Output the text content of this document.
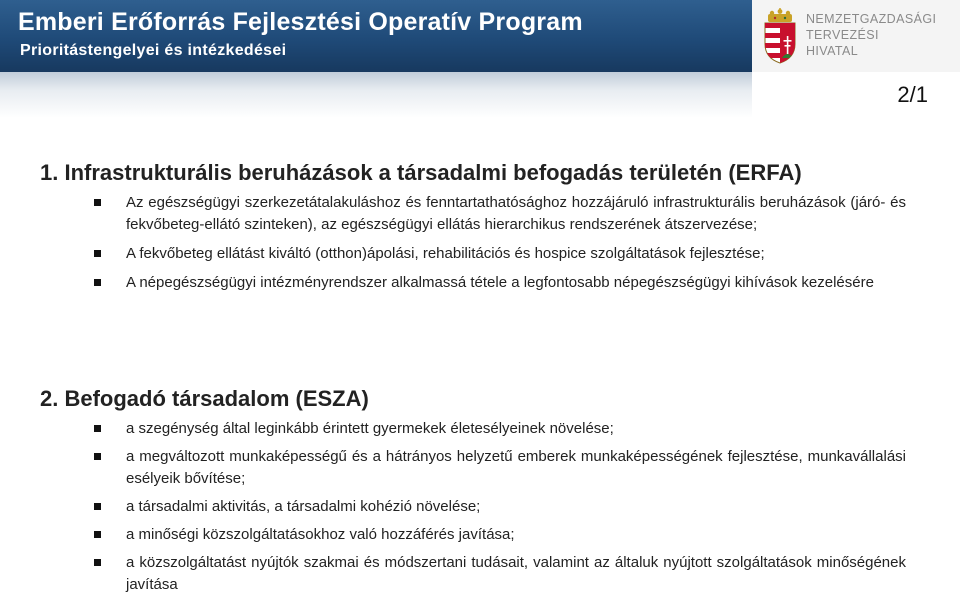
Emberi Erőforrás Fejlesztési Operatív Program
Prioritástengelyei és intézkedései
NEMZETGAZDASÁGI
TERVEZÉSI
HIVATAL
2/1
1. Infrastrukturális beruházások a társadalmi befogadás területén (ERFA)
Az egészségügyi szerkezetátalakuláshoz és fenntartathatósághoz hozzájáruló infrastrukturális beruházások (járó- és fekvőbeteg-ellátó szinteken), az egészségügyi ellátás hierarchikus rendszerének átszervezése;
A fekvőbeteg ellátást kiváltó (otthon)ápolási, rehabilitációs és hospice szolgáltatások fejlesztése;
A népegészségügyi intézményrendszer alkalmassá tétele a legfontosabb népegészségügyi kihívások kezelésére
2. Befogadó társadalom (ESZA)
a szegénység által leginkább érintett gyermekek életesélyeinek növelése;
a megváltozott munkaképességű és a hátrányos helyzetű emberek munkaképességének fejlesztése, munkavállalási esélyeik bővítése;
a társadalmi aktivitás, a társadalmi kohézió növelése;
a minőségi közszolgáltatásokhoz való hozzáférés javítása;
a közszolgáltatást nyújtók szakmai és módszertani tudásait, valamint az általuk nyújtott szolgáltatások minőségének javítása
